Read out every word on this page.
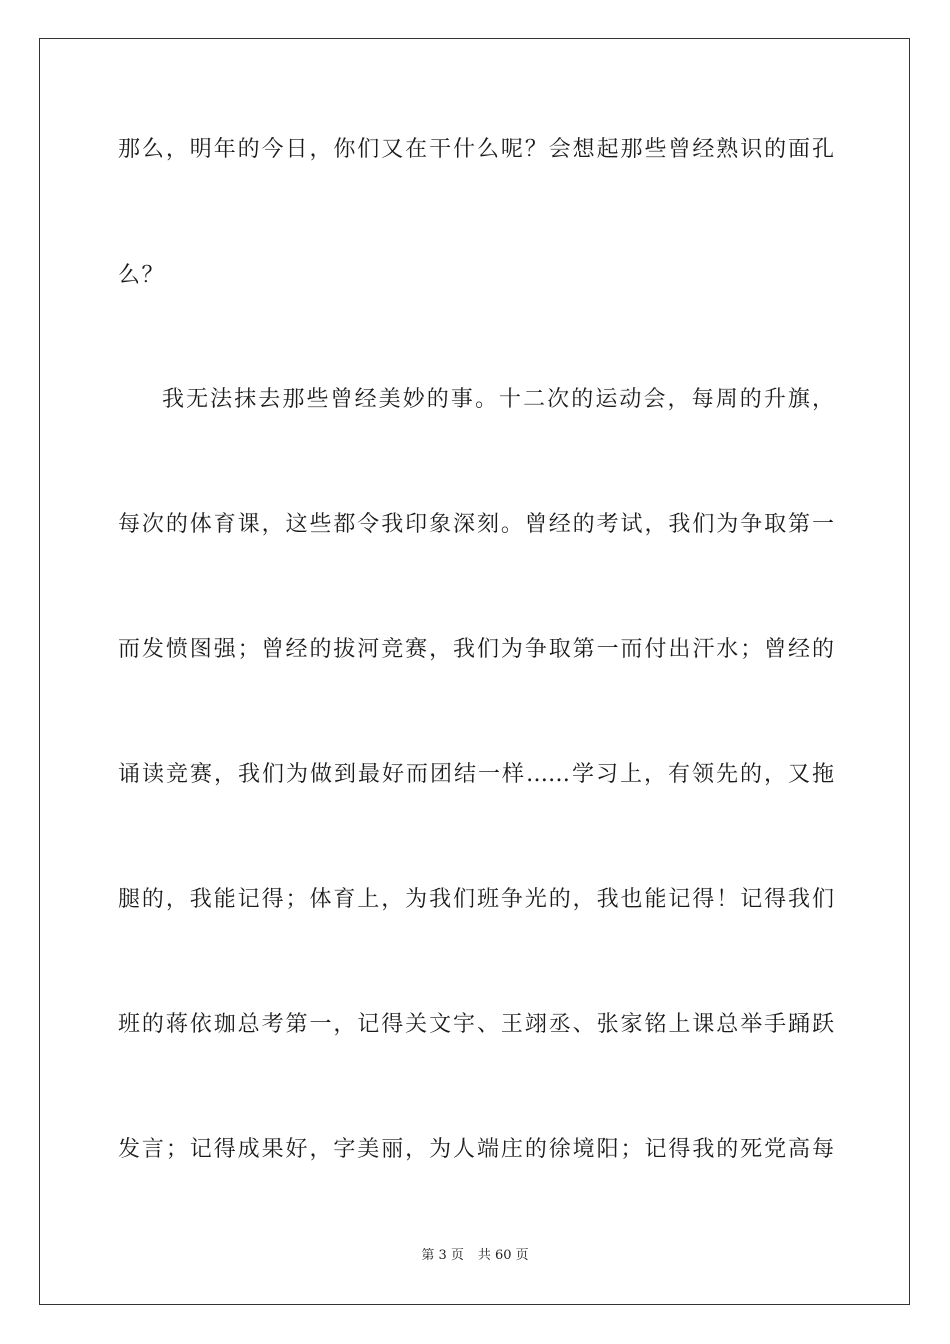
那么，明年的今日，你们又在干什么呢？会想起那些曾经熟识的面孔
么？
我无法抹去那些曾经美妙的事。十二次的运动会，每周的升旗，
每次的体育课，这些都令我印象深刻。曾经的考试，我们为争取第一
而发愤图强；曾经的拔河竞赛，我们为争取第一而付出汗水；曾经的
诵读竞赛，我们为做到最好而团结一样……学习上，有领先的，又拖
腿的，我能记得；体育上，为我们班争光的，我也能记得！记得我们
班的蒋依珈总考第一，记得关文宇、王翊丞、张家铭上课总举手踊跃
发言；记得成果好，字美丽，为人端庄的徐境阳；记得我的死党高每
第 3 页 共 60 页
